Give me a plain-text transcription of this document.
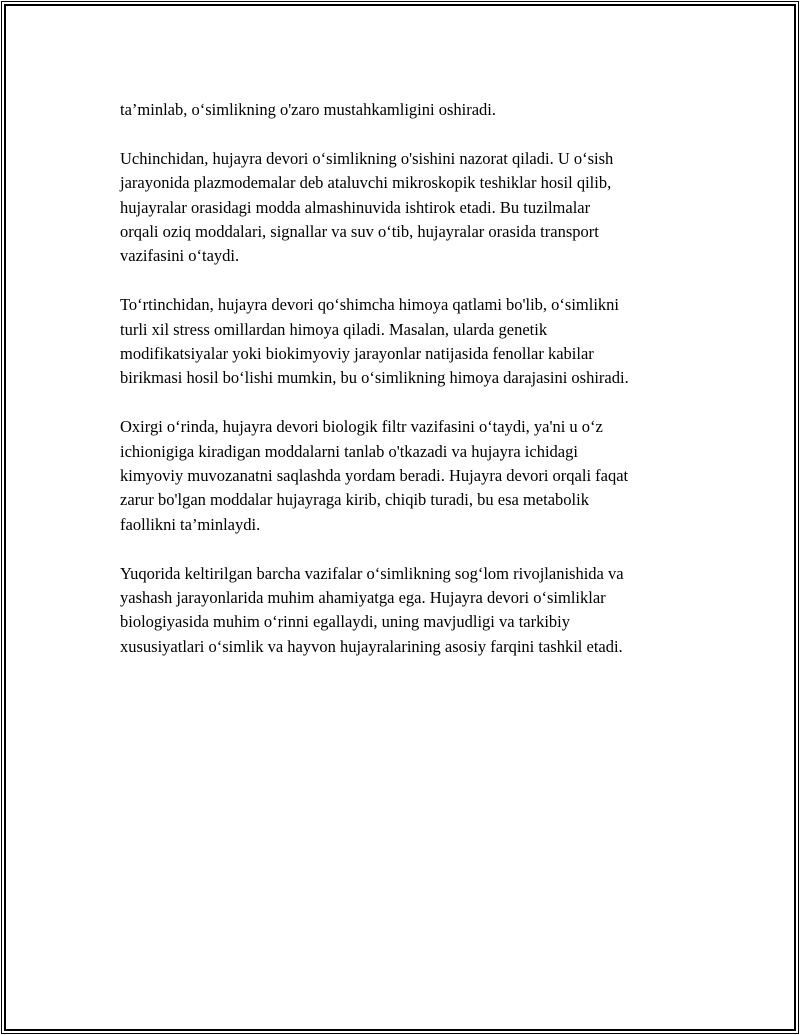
ta’minlab, o‘simlikning o'zaro mustahkamligini oshiradi.

Uchinchidan, hujayra devori o‘simlikning o'sishini nazorat qiladi. U o‘sish
jarayonida plazmodemalar deb ataluvchi mikroskopik teshiklar hosil qilib,
hujayralar orasidagi modda almashinuvida ishtirok etadi. Bu tuzilmalar
orqali oziq moddalari, signallar va suv o‘tib, hujayralar orasida transport
vazifasini o‘taydi.

To‘rtinchidan, hujayra devori qo‘shimcha himoya qatlami bo'lib, o‘simlikni
turli xil stress omillardan himoya qiladi. Masalan, ularda genetik
modifikatsiyalar yoki biokimyoviy jarayonlar natijasida fenollar kabilar
birikmasi hosil bo‘lishi mumkin, bu o‘simlikning himoya darajasini oshiradi.

Oxirgi o‘rinda, hujayra devori biologik filtr vazifasini o‘taydi, ya'ni u o‘z
ichionigiga kiradigan moddalarni tanlab o'tkazadi va hujayra ichidagi
kimyoviy muvozanatni saqlashda yordam beradi. Hujayra devori orqali faqat
zarur bo'lgan moddalar hujayraga kirib, chiqib turadi, bu esa metabolik
faollikni ta’minlaydi.

Yuqorida keltirilgan barcha vazifalar o‘simlikning sog‘lom rivojlanishida va
yashash jarayonlarida muhim ahamiyatga ega. Hujayra devori o‘simliklar
biologiyasida muhim o‘rinni egallaydi, uning mavjudligi va tarkibiy
xususiyatlari o‘simlik va hayvon hujayralarining asosiy farqini tashkil etadi.
